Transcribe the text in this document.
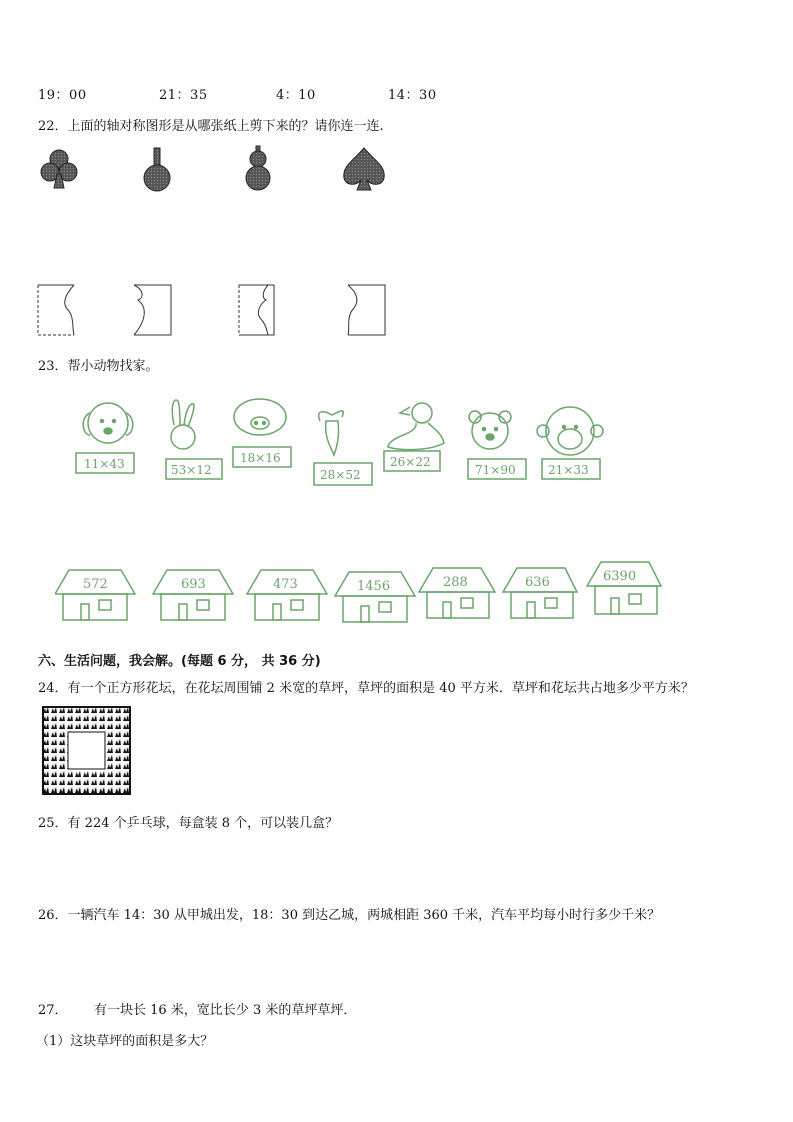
19：00	21：35	4：10	14：30
22．上面的轴对称图形是从哪张纸上剪下来的？请你连一连.
23．帮小动物找家。
11×43	53×12
18×16
28×52
26×22
71×90	21×33
572	693	473	1456	288	636	6390
六、生活问题，我会解。(每题 6 分， 共 36 分)
24．有一个正方形花坛，在花坛周围铺 2 米宽的草坪，草坪的面积是 40 平方米．草坪和花坛共占地多少平方米？
25．有 224 个乒乓球，每盒装 8 个，可以装几盒？
26．一辆汽车 14：30 从甲城出发，18：30 到达乙城，两城相距 360 千米，汽车平均每小时行多少千米？
27． 有一块长 16 米，宽比长少 3 米的草坪草坪．
（1）这块草坪的面积是多大？
